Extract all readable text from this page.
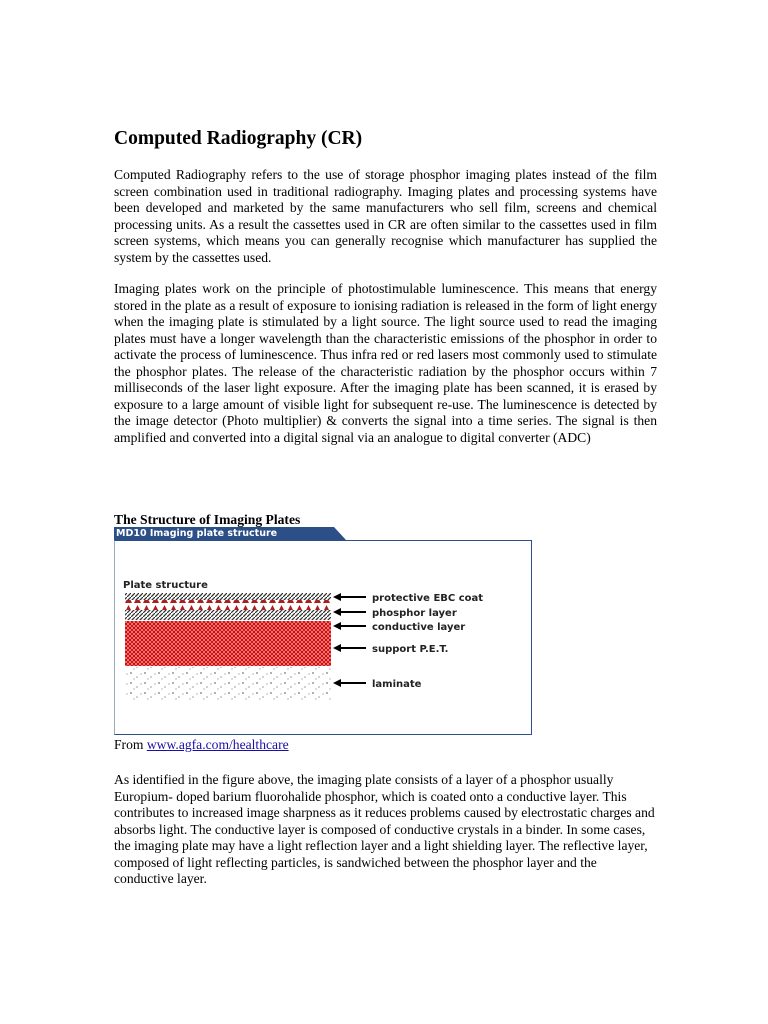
Computed Radiography (CR)

Computed Radiography refers to the use of storage phosphor imaging plates instead of the film screen combination used in traditional radiography. Imaging plates and processing systems have been developed and marketed by the same manufacturers who sell film, screens and chemical processing units. As a result the cassettes used in CR are often similar to the cassettes used in film screen systems, which means you can generally recognise which manufacturer has supplied the system by the cassettes used.

Imaging plates work on the principle of photostimulable luminescence. This means that energy stored in the plate as a result of exposure to ionising radiation is released in the form of light energy when the imaging plate is stimulated by a light source. The light source used to read the imaging plates must have a longer wavelength than the characteristic emissions of the phosphor in order to activate the process of luminescence. Thus infra red or red lasers most commonly used to stimulate the phosphor plates. The release of the characteristic radiation by the phosphor occurs within 7 milliseconds of the laser light exposure. After the imaging plate has been scanned, it is erased by exposure to a large amount of visible light for subsequent re-use. The luminescence is detected by the image detector (Photo multiplier) & converts the signal into a time series. The signal is then amplified and converted into a digital signal via an analogue to digital converter (ADC)

The Structure of Imaging Plates
MD10 Imaging plate structure
Plate structure
protective EBC coat
phosphor layer
conductive layer
support P.E.T.
laminate
From www.agfa.com/healthcare

As identified in the figure above, the imaging plate consists of a layer of a phosphor usually Europium- doped barium fluorohalide phosphor, which is coated onto a conductive layer. This contributes to increased image sharpness as it reduces problems caused by electrostatic charges and absorbs light. The conductive layer is composed of conductive crystals in a binder. In some cases, the imaging plate may have a light reflection layer and a light shielding layer. The reflective layer, composed of light reflecting particles, is sandwiched between the phosphor layer and the conductive layer.
